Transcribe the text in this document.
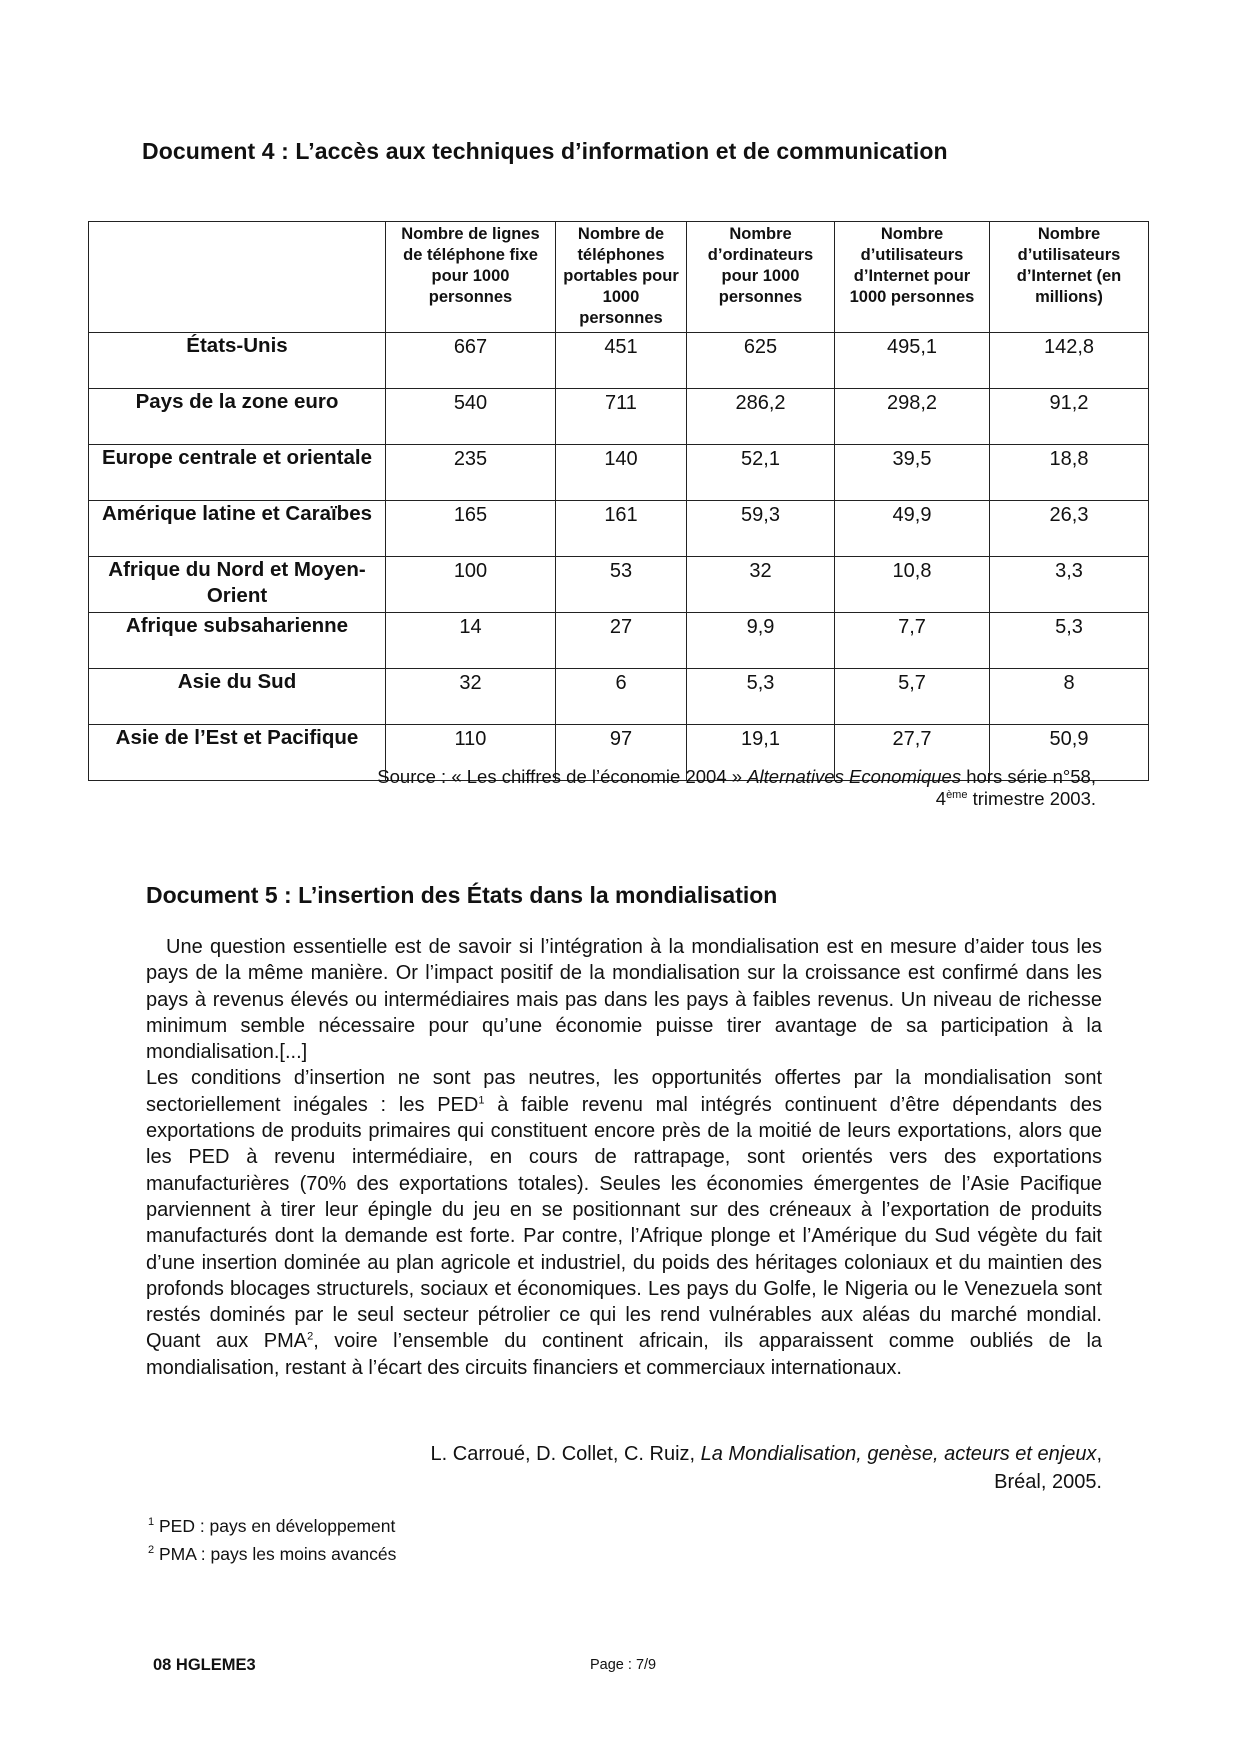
Document 4 : L’accès aux techniques d’information et de communication
	Nombre de lignes de téléphone fixe pour 1000 personnes	Nombre de téléphones portables pour 1000 personnes	Nombre d’ordinateurs pour 1000 personnes	Nombre d’utilisateurs d’Internet pour 1000 personnes	Nombre d’utilisateurs d’Internet (en millions)
États-Unis	667	451	625	495,1	142,8
Pays de la zone euro	540	711	286,2	298,2	91,2
Europe centrale et orientale	235	140	52,1	39,5	18,8
Amérique latine et Caraïbes	165	161	59,3	49,9	26,3
Afrique du Nord et Moyen-Orient	100	53	32	10,8	3,3
Afrique subsaharienne	14	27	9,9	7,7	5,3
Asie du Sud	32	6	5,3	5,7	8
Asie de l’Est et Pacifique	110	97	19,1	27,7	50,9

Source : « Les chiffres de l’économie 2004 » Alternatives Economiques hors série n°58,
4ème trimestre 2003.

Document 5 : L’insertion des États dans la mondialisation

Une question essentielle est de savoir si l’intégration à la mondialisation est en mesure d’aider tous les pays de la même manière. Or l’impact positif de la mondialisation sur la croissance est confirmé dans les pays à revenus élevés ou intermédiaires mais pas dans les pays à faibles revenus. Un niveau de richesse minimum semble nécessaire pour qu’une économie puisse tirer avantage de sa participation à la mondialisation.[...]

Les conditions d’insertion ne sont pas neutres, les opportunités offertes par la mondialisation sont sectoriellement inégales : les PED$^1$ à faible revenu mal intégrés continuent d’être dépendants des exportations de produits primaires qui constituent encore près de la moitié de leurs exportations, alors que les PED à revenu intermédiaire, en cours de rattrapage, sont orientés vers des exportations manufacturières (70% des exportations totales). Seules les économies émergentes de l’Asie Pacifique parviennent à tirer leur épingle du jeu en se positionnant sur des créneaux à l’exportation de produits manufacturés dont la demande est forte. Par contre, l’Afrique plonge et l’Amérique du Sud végète du fait d’une insertion dominée au plan agricole et industriel, du poids des héritages coloniaux et du maintien des profonds blocages structurels, sociaux et économiques. Les pays du Golfe, le Nigeria ou le Venezuela sont restés dominés par le seul secteur pétrolier ce qui les rend vulnérables aux aléas du marché mondial. Quant aux PMA$^2$, voire l’ensemble du continent africain, ils apparaissent comme oubliés de la mondialisation, restant à l’écart des circuits financiers et commerciaux internationaux.

L. Carroué, D. Collet, C. Ruiz, La Mondialisation, genèse, acteurs et enjeux,
Bréal, 2005.

$^1$ PED : pays en développement
$^2$ PMA : pays les moins avancés

08 HGLEME3	Page : 7/9
